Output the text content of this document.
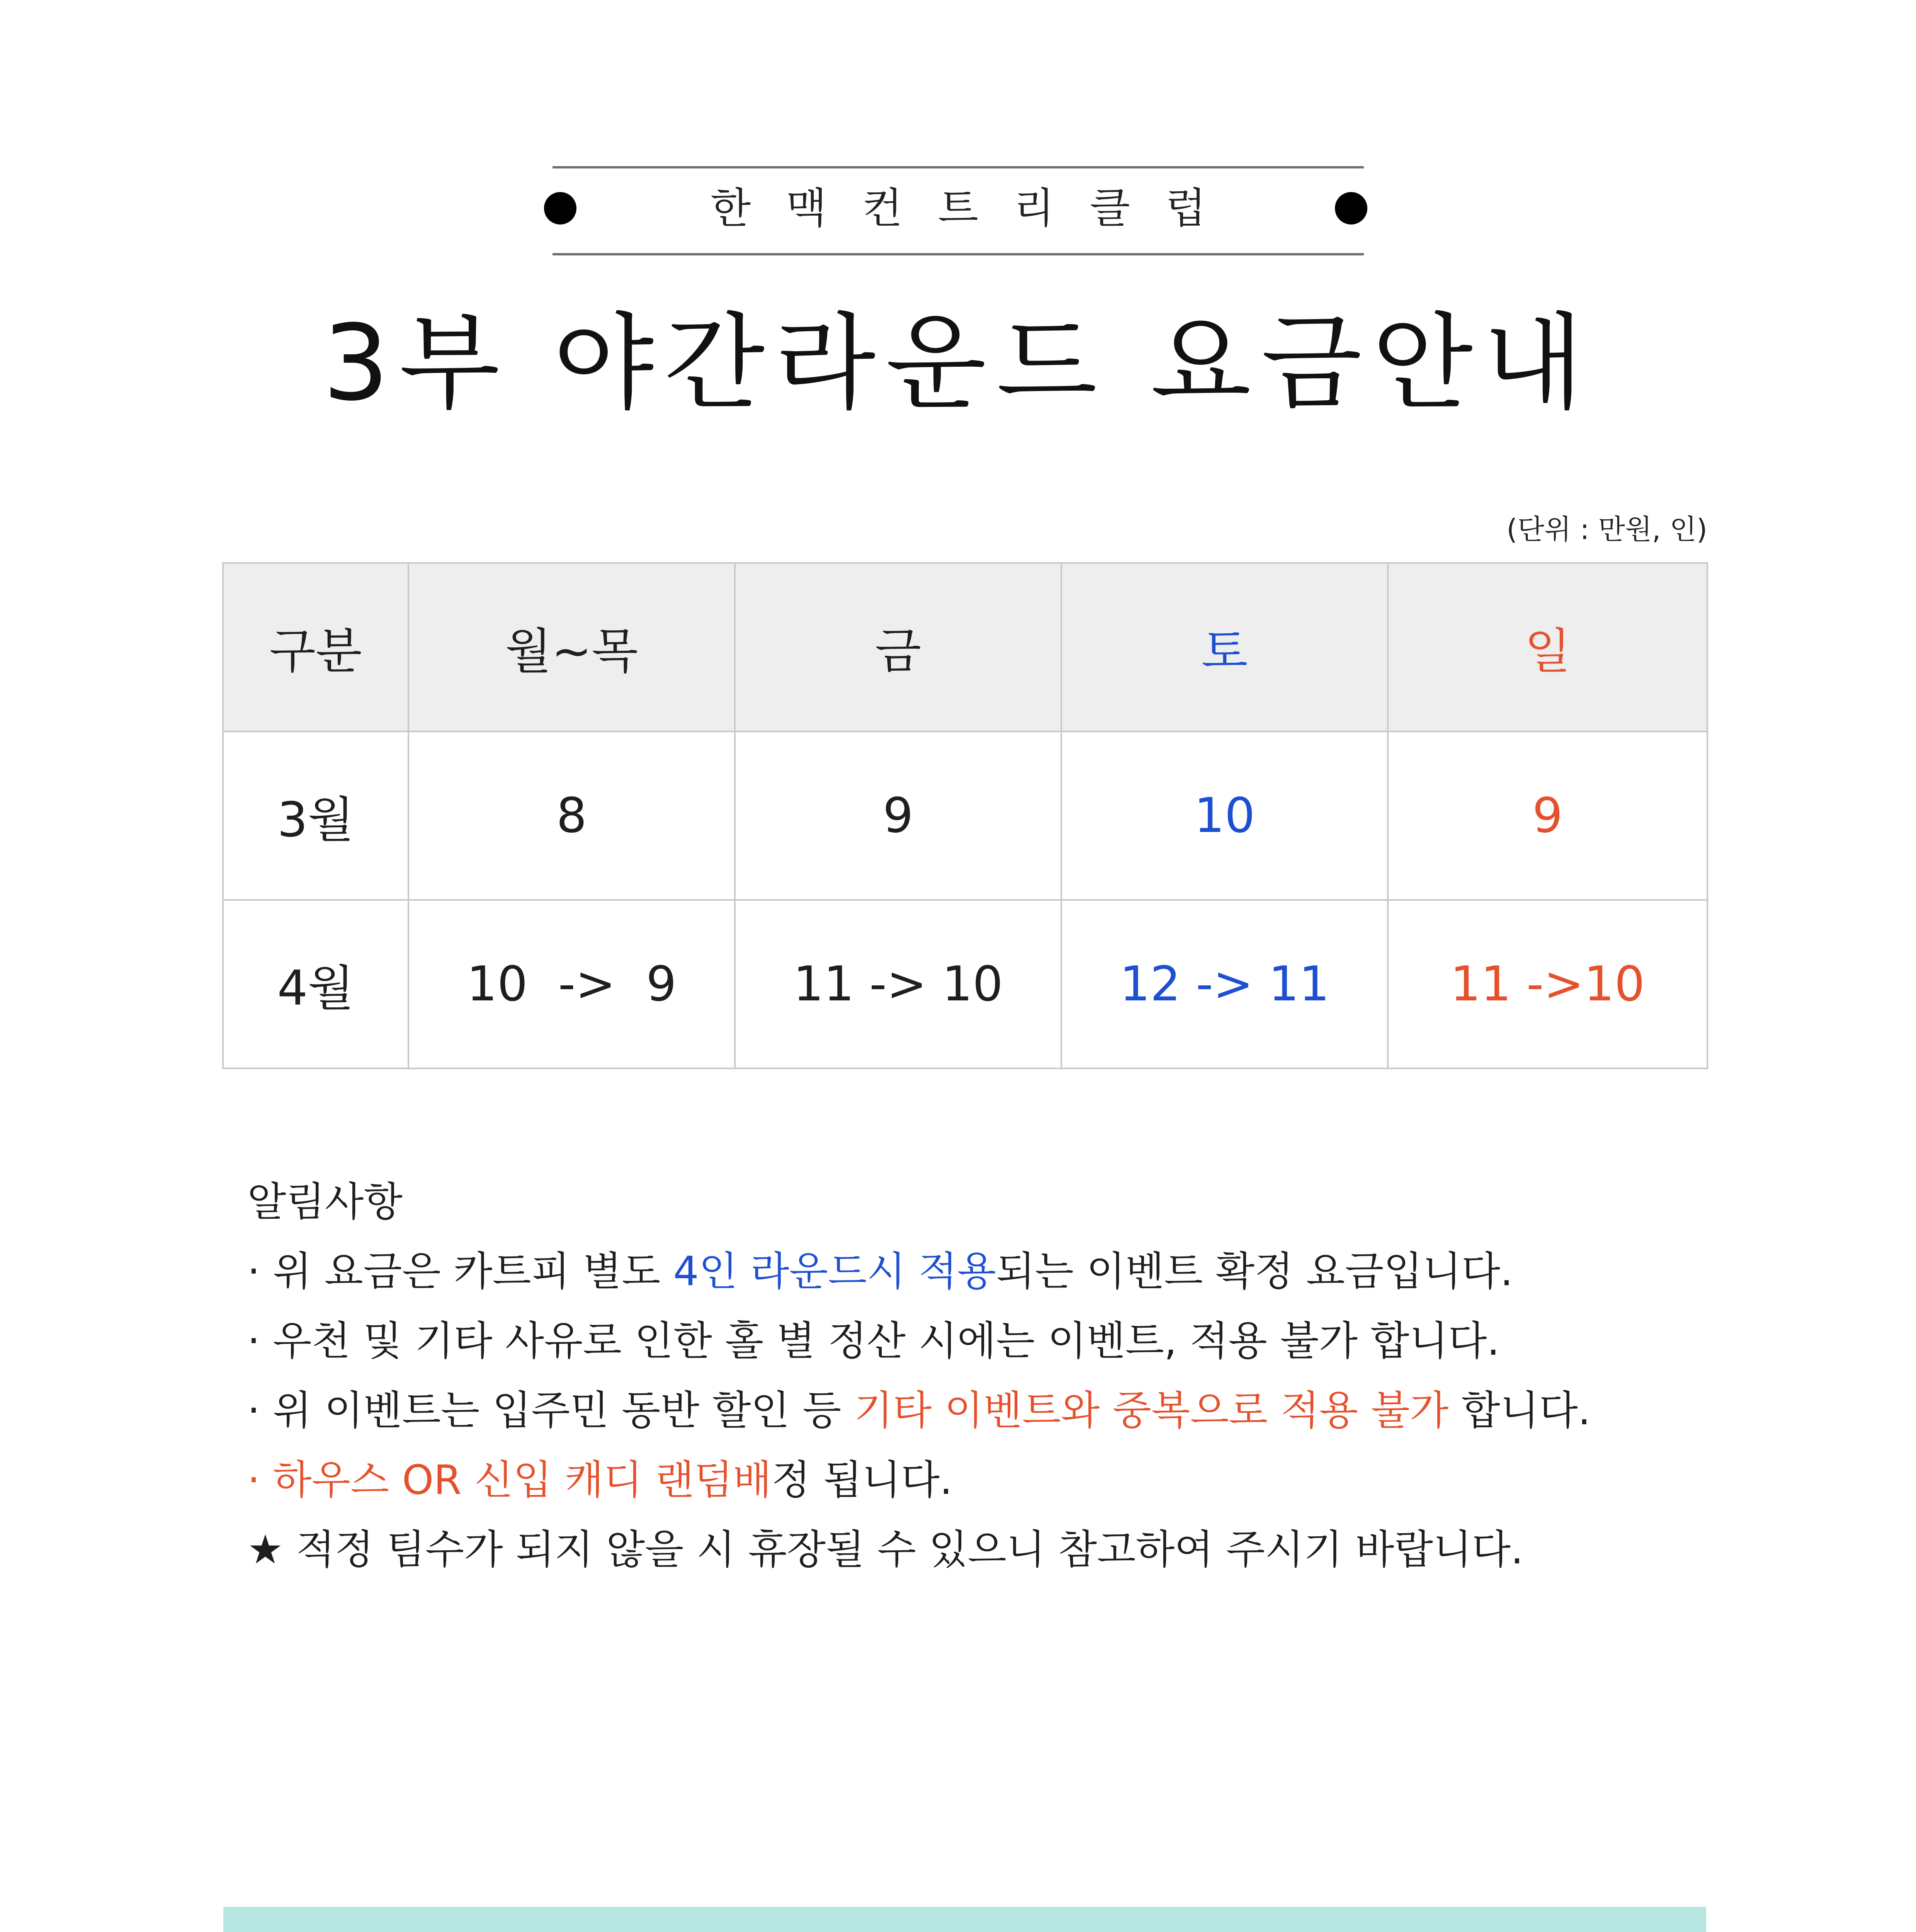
한맥컨트리클럽
3부 야간라운드 요금안내
(단위 : 만원, 인)
구분	월~목	금	토	일
3월	8	9	10	9
4월	10  ->  9	11 -> 10	12 -> 11	11 ->10
알림사항
· 위 요금은 카트피 별도 4인 라운드시 적용되는 이벤트 확정 요금입니다.
· 우천 및 기타 사유로 인한 홀 별 정산 시에는 이벤트, 적용 불가 합니다.
· 위 이벤트는 입주민 동반 할인 등 기타 이벤트와 중복으로 적용 불가 합니다.
· 하우스 OR 신입 캐디 랜덤배정 됩니다.
★ 적정 팀수가 되지 않을 시 휴장될 수 있으니 참고하여 주시기 바랍니다.
